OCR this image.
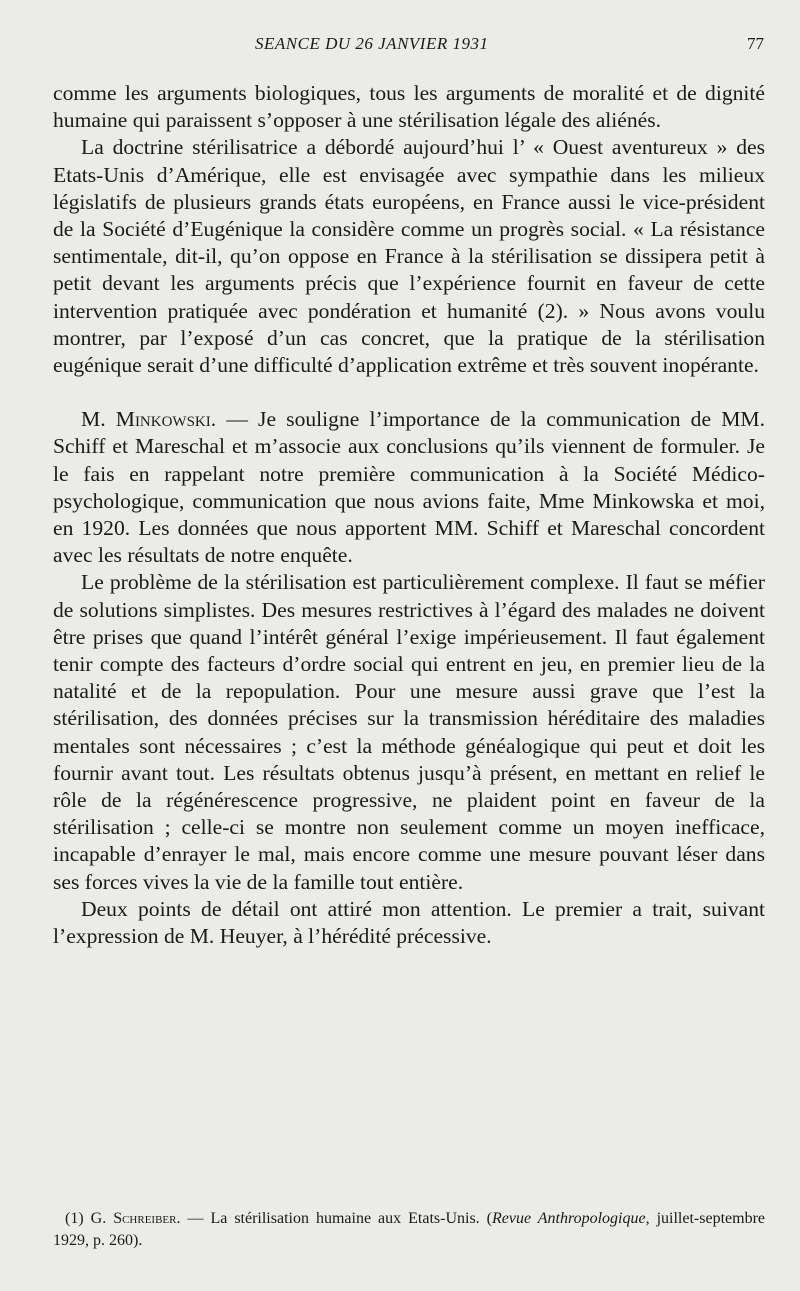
SEANCE DU 26 JANVIER 1931	77

comme les arguments biologiques, tous les arguments de moralité et de dignité humaine qui paraissent s’opposer à une stérilisation légale des aliénés.

La doctrine stérilisatrice a débordé aujourd’hui l’ « Ouest aventureux » des Etats-Unis d’Amérique, elle est envisagée avec sympathie dans les milieux législatifs de plusieurs grands états européens, en France aussi le vice-président de la Société d’Eugénique la considère comme un progrès social. « La résistance sentimentale, dit-il, qu’on oppose en France à la stérilisation se dissipera petit à petit devant les arguments précis que l’expérience fournit en faveur de cette intervention pratiquée avec pondération et humanité (2). » Nous avons voulu montrer, par l’exposé d’un cas concret, que la pratique de la stérilisation eugénique serait d’une difficulté d’application extrême et très souvent inopérante.

M. Minkowski. — Je souligne l’importance de la communication de MM. Schiff et Mareschal et m’associe aux conclusions qu’ils viennent de formuler. Je le fais en rappelant notre première communication à la Société Médico-psychologique, communication que nous avions faite, Mme Minkowska et moi, en 1920. Les données que nous apportent MM. Schiff et Mareschal concordent avec les résultats de notre enquête.

Le problème de la stérilisation est particulièrement complexe. Il faut se méfier de solutions simplistes. Des mesures restrictives à l’égard des malades ne doivent être prises que quand l’intérêt général l’exige impérieusement. Il faut également tenir compte des facteurs d’ordre social qui entrent en jeu, en premier lieu de la natalité et de la repopulation. Pour une mesure aussi grave que l’est la stérilisation, des données précises sur la transmission héréditaire des maladies mentales sont nécessaires ; c’est la méthode généalogique qui peut et doit les fournir avant tout. Les résultats obtenus jusqu’à présent, en mettant en relief le rôle de la régénérescence progressive, ne plaident point en faveur de la stérilisation ; celle-ci se montre non seulement comme un moyen inefficace, incapable d’enrayer le mal, mais encore comme une mesure pouvant léser dans ses forces vives la vie de la famille tout entière.

Deux points de détail ont attiré mon attention. Le premier a trait, suivant l’expression de M. Heuyer, à l’hérédité précessive.

(1) G. Schreiber. — La stérilisation humaine aux Etats-Unis. (Revue Anthropologique, juillet-septembre 1929, p. 260).
